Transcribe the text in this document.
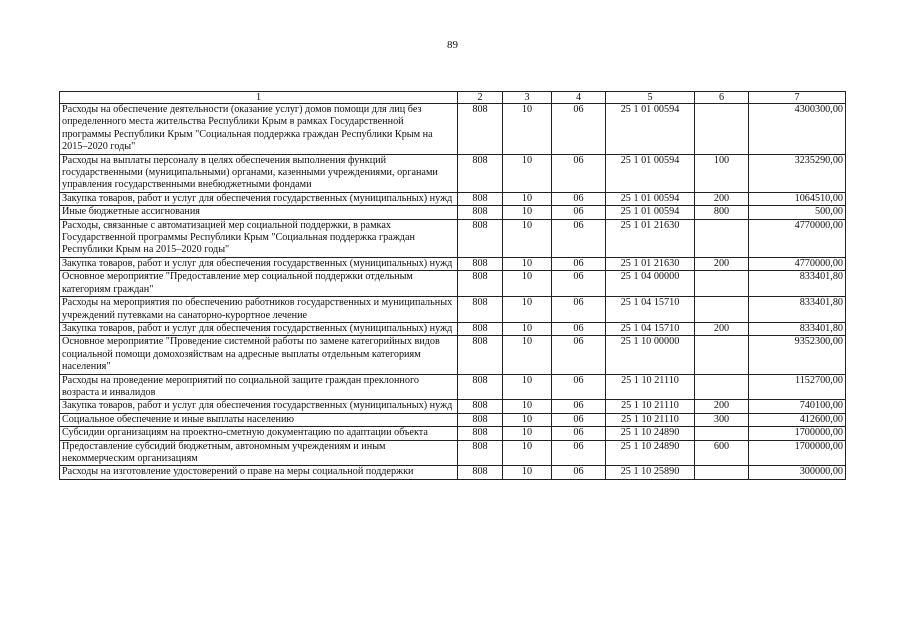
89
1	2	3	4	5	6	7
Расходы на обеспечение деятельности (оказание услуг) домов помощи для лиц без определенного места жительства Республики Крым в рамках Государственной программы Республики Крым "Социальная поддержка граждан Республики Крым на 2015–2020 годы"	808	10	06	25 1 01 00594		4300300,00
Расходы на выплаты персоналу в целях обеспечения выполнения функций государственными (муниципальными) органами, казенными учреждениями, органами управления государственными внебюджетными фондами	808	10	06	25 1 01 00594	100	3235290,00
Закупка товаров, работ и услуг для обеспечения государственных (муниципальных) нужд	808	10	06	25 1 01 00594	200	1064510,00
Иные бюджетные ассигнования	808	10	06	25 1 01 00594	800	500,00
Расходы, связанные с автоматизацией мер социальной поддержки, в рамках Государственной программы Республики Крым "Социальная поддержка граждан Республики Крым на 2015–2020 годы"	808	10	06	25 1 01 21630		4770000,00
Закупка товаров, работ и услуг для обеспечения государственных (муниципальных) нужд	808	10	06	25 1 01 21630	200	4770000,00
Основное мероприятие "Предоставление мер социальной поддержки отдельным категориям граждан"	808	10	06	25 1 04 00000		833401,80
Расходы на мероприятия по обеспечению работников государственных и муниципальных учреждений путевками на санаторно-курортное лечение	808	10	06	25 1 04 15710		833401,80
Закупка товаров, работ и услуг для обеспечения государственных (муниципальных) нужд	808	10	06	25 1 04 15710	200	833401,80
Основное мероприятие "Проведение системной работы по замене категорийных видов социальной помощи домохозяйствам на адресные выплаты отдельным категориям населения"	808	10	06	25 1 10 00000		9352300,00
Расходы на проведение мероприятий по социальной защите граждан преклонного возраста и инвалидов	808	10	06	25 1 10 21110		1152700,00
Закупка товаров, работ и услуг для обеспечения государственных (муниципальных) нужд	808	10	06	25 1 10 21110	200	740100,00
Социальное обеспечение и иные выплаты населению	808	10	06	25 1 10 21110	300	412600,00
Субсидии организациям на проектно-сметную документацию по адаптации объекта	808	10	06	25 1 10 24890		1700000,00
Предоставление субсидий бюджетным, автономным учреждениям и иным некоммерческим организациям	808	10	06	25 1 10 24890	600	1700000,00
Расходы на изготовление удостоверений о праве на меры социальной поддержки	808	10	06	25 1 10 25890		300000,00
